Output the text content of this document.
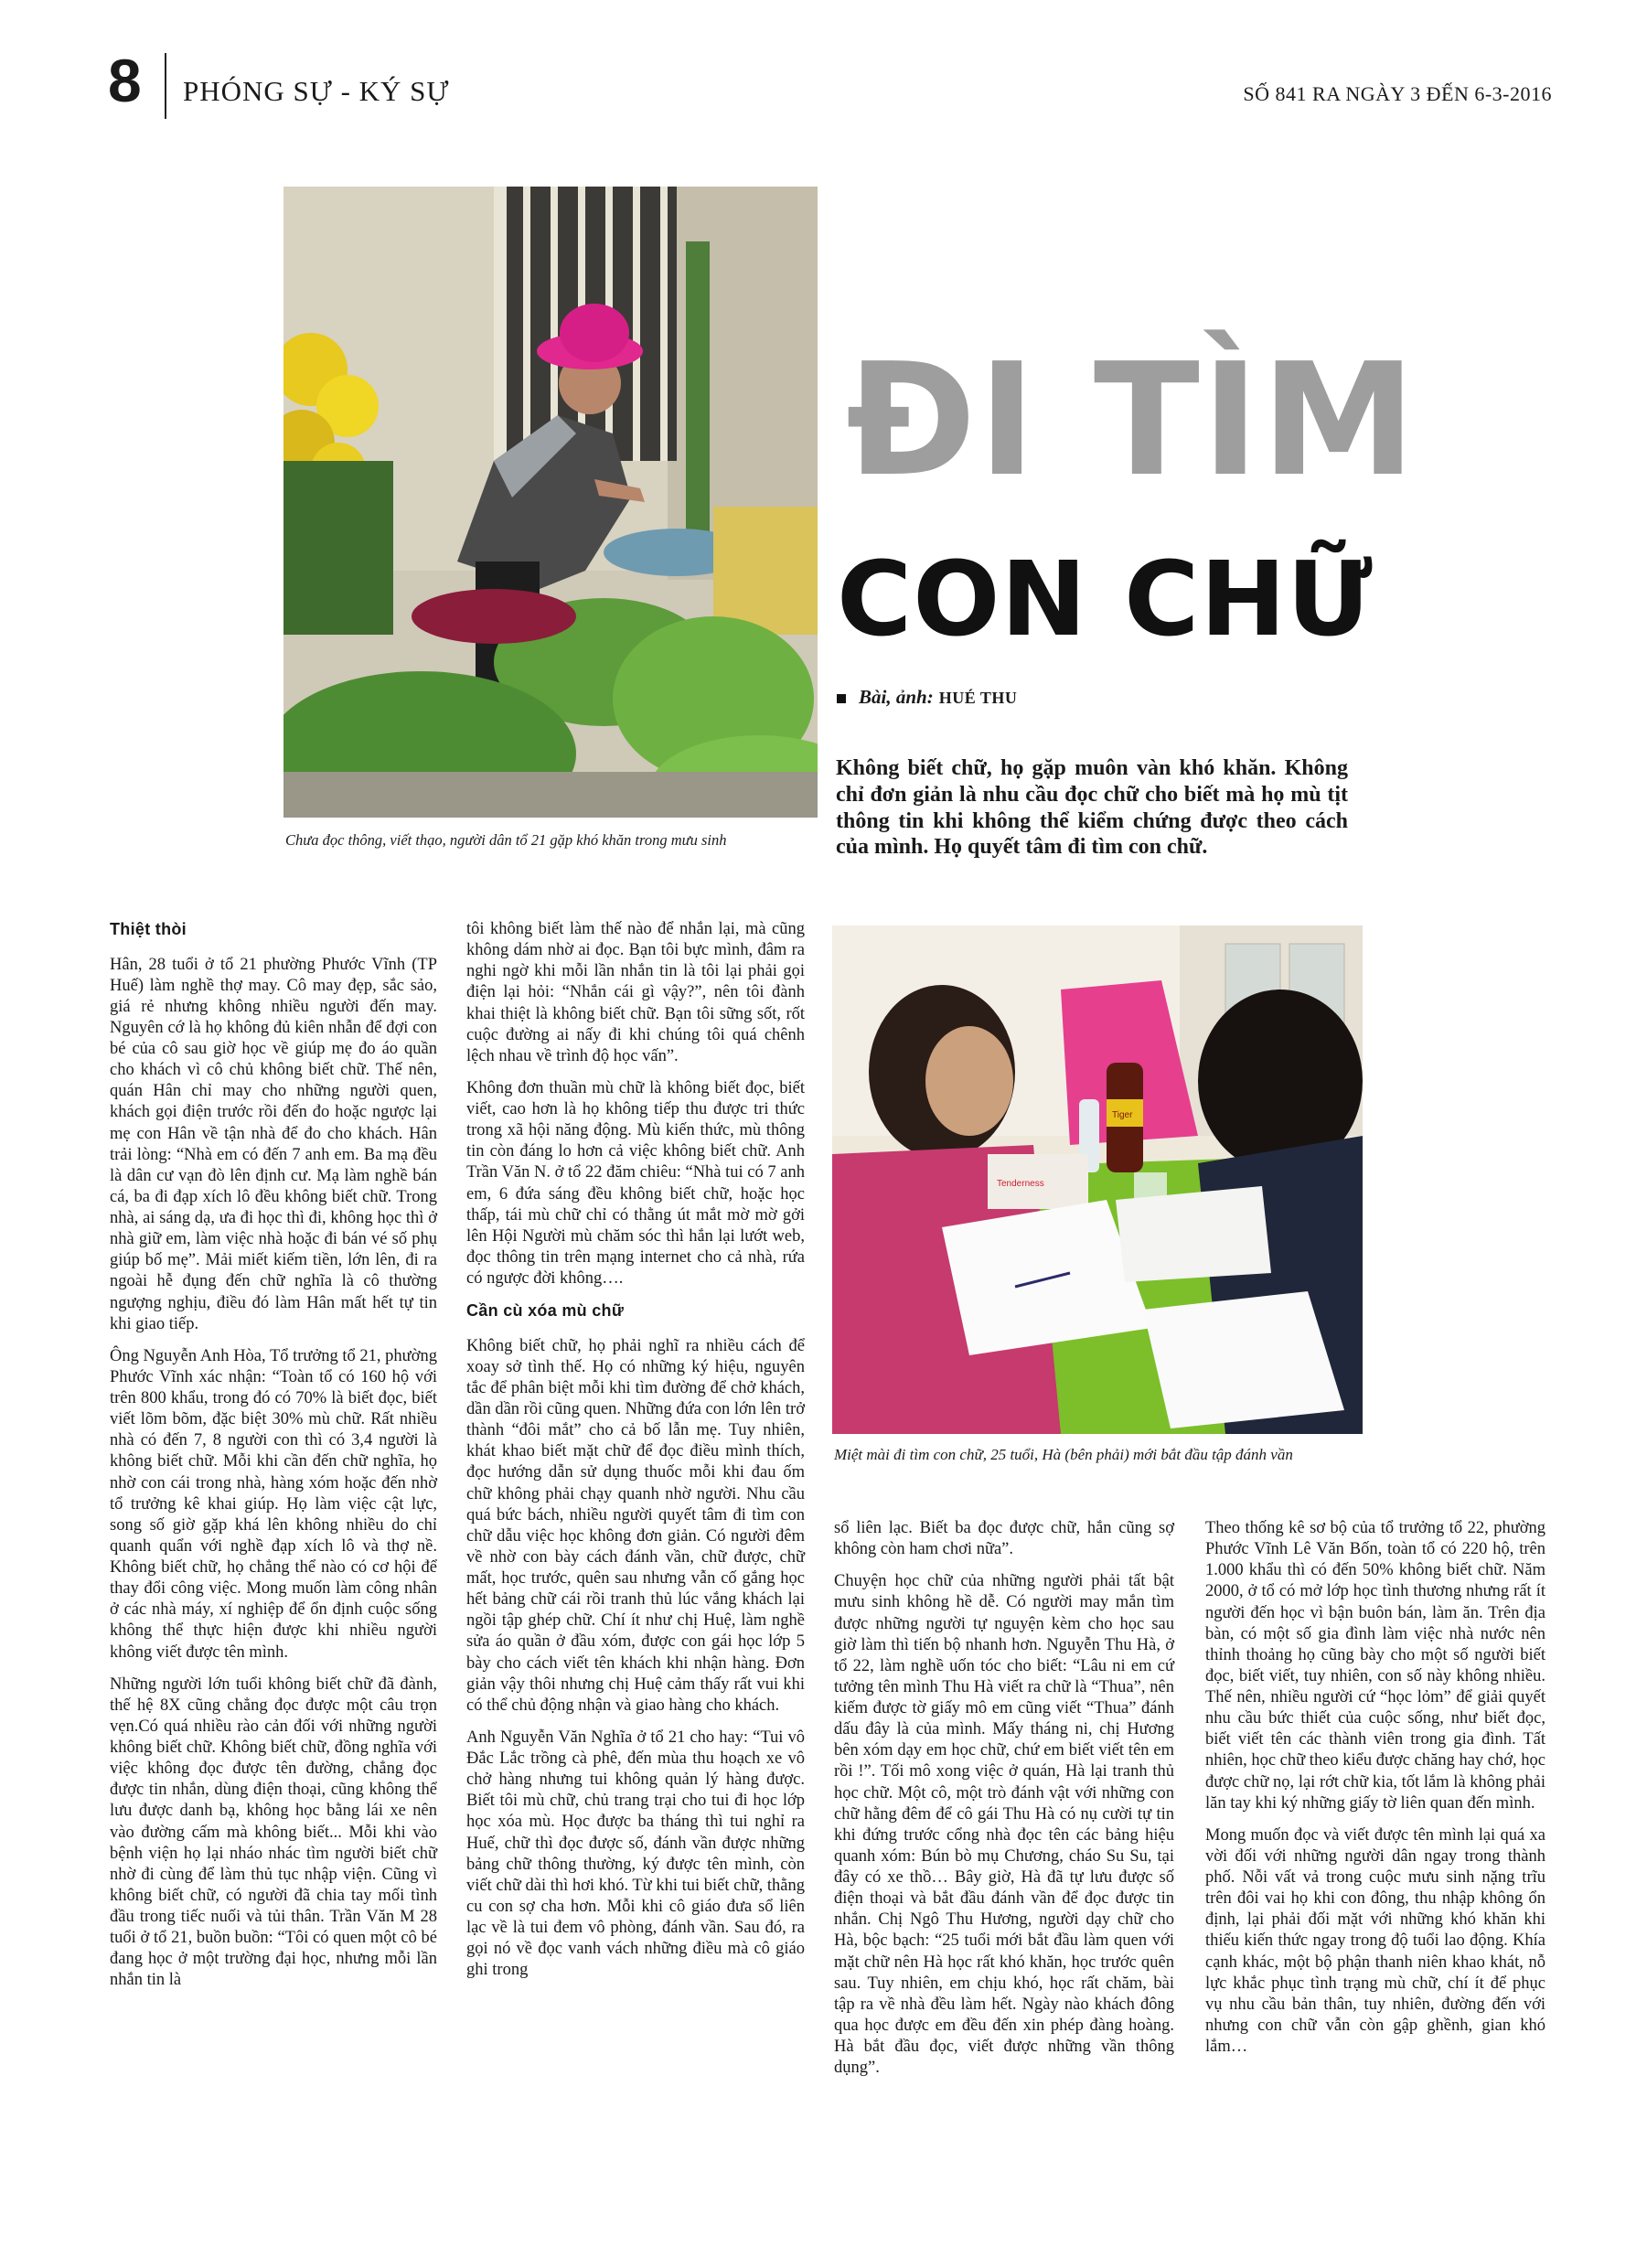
8 PHÓNG SỰ - KÝ SỰ	SỐ 841 RA NGÀY 3 ĐẾN 6-3-2016
Chưa đọc thông, viết thạo, người dân tổ 21 gặp khó khăn trong mưu sinh
ĐI TÌM
CON CHỮ
Bài, ảnh: HUÉ THU
Không biết chữ, họ gặp muôn vàn khó khăn. Không chỉ đơn giản là nhu cầu đọc chữ cho biết mà họ mù tịt thông tin khi không thể kiểm chứng được theo cách của mình. Họ quyết tâm đi tìm con chữ.
Thiệt thòi

Hân, 28 tuổi ở tổ 21 phường Phước Vĩnh (TP Huế) làm nghề thợ may. Cô may đẹp, sắc sảo, giá rẻ nhưng không nhiều người đến may. Nguyên cớ là họ không đủ kiên nhẫn để đợi con bé của cô sau giờ học về giúp mẹ đo áo quần cho khách vì cô chủ không biết chữ. Thế nên, quán Hân chỉ may cho những người quen, khách gọi điện trước rồi đến đo hoặc ngược lại mẹ con Hân về tận nhà để đo cho khách. Hân trải lòng: “Nhà em có đến 7 anh em. Ba mạ đều là dân cư vạn đò lên định cư. Mạ làm nghề bán cá, ba đi đạp xích lô đều không biết chữ. Trong nhà, ai sáng dạ, ưa đi học thì đi, không học thì ở nhà giữ em, làm việc nhà hoặc đi bán vé số phụ giúp bố mẹ”. Mải miết kiếm tiền, lớn lên, đi ra ngoài hễ đụng đến chữ nghĩa là cô thường ngượng nghịu, điều đó làm Hân mất hết tự tin khi giao tiếp.

Ông Nguyễn Anh Hòa, Tổ trưởng tổ 21, phường Phước Vĩnh xác nhận: “Toàn tổ có 160 hộ với trên 800 khẩu, trong đó có 70% là biết đọc, biết viết lõm bõm, đặc biệt 30% mù chữ. Rất nhiều nhà có đến 7, 8 người con thì có 3,4 người là không biết chữ. Mỗi khi cần đến chữ nghĩa, họ nhờ con cái trong nhà, hàng xóm hoặc đến nhờ tổ trưởng kê khai giúp. Họ làm việc cật lực, song số giờ gặp khá lên không nhiều do chỉ quanh quẩn với nghề đạp xích lô và thợ nề. Không biết chữ, họ chẳng thể nào có cơ hội để thay đổi công việc. Mong muốn làm công nhân ở các nhà máy, xí nghiệp để ổn định cuộc sống không thể thực hiện được khi nhiều người không viết được tên mình.

Những người lớn tuổi không biết chữ đã đành, thế hệ 8X cũng chẳng đọc được một câu trọn vẹn.Có quá nhiều rào cản đối với những người không biết chữ. Không biết chữ, đồng nghĩa với việc không đọc được tên đường, chẳng đọc được tin nhắn, dùng điện thoại, cũng không thể lưu được danh bạ, không học bằng lái xe nên vào đường cấm mà không biết... Mỗi khi vào bệnh viện họ lại nháo nhác tìm người biết chữ nhờ đi cùng để làm thủ tục nhập viện. Cũng vì không biết chữ, có người đã chia tay mối tình đầu trong tiếc nuối và tủi thân. Trần Văn M 28 tuổi ở tổ 21, buồn buồn: “Tôi có quen một cô bé đang học ở một trường đại học, nhưng mỗi lần nhắn tin là

tôi không biết làm thế nào để nhắn lại, mà cũng không dám nhờ ai đọc. Bạn tôi bực mình, đâm ra nghi ngờ khi mỗi lần nhắn tin là tôi lại phải gọi điện lại hỏi: “Nhắn cái gì vậy?”, nên tôi đành khai thiệt là không biết chữ. Bạn tôi sững sốt, rốt cuộc đường ai nấy đi khi chúng tôi quá chênh lệch nhau về trình độ học vấn”.

Không đơn thuần mù chữ là không biết đọc, biết viết, cao hơn là họ không tiếp thu được tri thức trong xã hội năng động. Mù kiến thức, mù thông tin còn đáng lo hơn cả việc không biết chữ. Anh Trần Văn N. ở tổ 22 đăm chiêu: “Nhà tui có 7 anh em, 6 đứa sáng đều không biết chữ, hoặc học thấp, tái mù chữ chỉ có thằng út mắt mờ mờ gởi lên Hội Người mù chăm sóc thì hắn lại lướt web, đọc thông tin trên mạng internet cho cả nhà, rứa có ngược đời không….

Cần cù xóa mù chữ

Không biết chữ, họ phải nghĩ ra nhiều cách để xoay sở tình thế. Họ có những ký hiệu, nguyên tắc để phân biệt mỗi khi tìm đường để chở khách, dần dần rồi cũng quen. Những đứa con lớn lên trở thành “đôi mắt” cho cả bố lẫn mẹ. Tuy nhiên, khát khao biết mặt chữ để đọc điều mình thích, đọc hướng dẫn sử dụng thuốc mỗi khi đau ốm chữ không phải chạy quanh nhờ người. Nhu cầu quá bức bách, nhiều người quyết tâm đi tìm con chữ dẫu việc học không đơn giản. Có người đêm về nhờ con bày cách đánh vần, chữ được, chữ mất, học trước, quên sau nhưng vẫn cố gắng học hết bảng chữ cái rồi tranh thủ lúc vắng khách lại ngồi tập ghép chữ. Chí ít như chị Huệ, làm nghề sửa áo quần ở đầu xóm, được con gái học lớp 5 bày cho cách viết tên khách khi nhận hàng. Đơn giản vậy thôi nhưng chị Huệ cảm thấy rất vui khi có thể chủ động nhận và giao hàng cho khách.

Anh Nguyễn Văn Nghĩa ở tổ 21 cho hay: “Tui vô Đắc Lắc trồng cà phê, đến mùa thu hoạch xe vô chở hàng nhưng tui không quản lý hàng được. Biết tôi mù chữ, chủ trang trại cho tui đi học lớp học xóa mù. Học được ba tháng thì tui nghỉ ra Huế, chữ thì đọc được số, đánh vần được những bảng chữ thông thường, ký được tên mình, còn viết chữ dài thì hơi khó. Từ khi tui biết chữ, thằng cu con sợ cha hơn. Mỗi khi cô giáo đưa sổ liên lạc về là tui đem vô phòng, đánh vần. Sau đó, ra gọi nó về đọc vanh vách những điều mà cô giáo ghi trong

Tiger
Tenderness
Miệt mài đi tìm con chữ, 25 tuổi, Hà (bên phải) mới bắt đầu tập đánh vần

sổ liên lạc. Biết ba đọc được chữ, hắn cũng sợ không còn ham chơi nữa”.

Chuyện học chữ của những người phải tất bật mưu sinh không hề dễ. Có người may mắn tìm được những người tự nguyện kèm cho học sau giờ làm thì tiến bộ nhanh hơn. Nguyễn Thu Hà, ở tổ 22, làm nghề uốn tóc cho biết: “Lâu ni em cứ tưởng tên mình Thu Hà viết ra chữ là “Thua”, nên kiếm được tờ giấy mô em cũng viết “Thua” đánh dấu đây là của mình. Mấy tháng ni, chị Hương bên xóm dạy em học chữ, chứ em biết viết tên em rồi !”. Tối mô xong việc ở quán, Hà lại tranh thủ học chữ. Một cô, một trò đánh vật với những con chữ hằng đêm để cô gái Thu Hà có nụ cười tự tin khi đứng trước cổng nhà đọc tên các bảng hiệu quanh xóm: Bún bò mụ Chương, cháo Su Su, tại đây có xe thồ… Bây giờ, Hà đã tự lưu được số điện thoại và bắt đầu đánh vần để đọc được tin nhắn. Chị Ngô Thu Hương, người dạy chữ cho Hà, bộc bạch: “25 tuổi mới bắt đầu làm quen với mặt chữ nên Hà học rất khó khăn, học trước quên sau. Tuy nhiên, em chịu khó, học rất chăm, bài tập ra về nhà đều làm hết. Ngày nào khách đông qua học được em đều đến xin phép đàng hoàng. Hà bắt đầu đọc, viết được những vần thông dụng”.

Theo thống kê sơ bộ của tổ trưởng tổ 22, phường Phước Vĩnh Lê Văn Bốn, toàn tổ có 220 hộ, trên 1.000 khẩu thì có đến 50% không biết chữ. Năm 2000, ở tổ có mở lớp học tình thương nhưng rất ít người đến học vì bận buôn bán, làm ăn. Trên địa bàn, có một số gia đình làm việc nhà nước nên thỉnh thoảng họ cũng bày cho một số người biết đọc, biết viết, tuy nhiên, con số này không nhiều. Thế nên, nhiều người cứ “học lỏm” để giải quyết nhu cầu bức thiết của cuộc sống, như biết đọc, biết viết tên các thành viên trong gia đình. Tất nhiên, học chữ theo kiểu được chăng hay chớ, học được chữ nọ, lại rớt chữ kia, tốt lắm là không phải lăn tay khi ký những giấy tờ liên quan đến mình.

Mong muốn đọc và viết được tên mình lại quá xa vời đối với những người dân ngay trong thành phố. Nỗi vất vả trong cuộc mưu sinh nặng trĩu trên đôi vai họ khi con đông, thu nhập không ổn định, lại phải đối mặt với những khó khăn khi thiếu kiến thức ngay trong độ tuổi lao động. Khía cạnh khác, một bộ phận thanh niên khao khát, nỗ lực khắc phục tình trạng mù chữ, chí ít để phục vụ nhu cầu bản thân, tuy nhiên, đường đến với nhưng con chữ vẫn còn gập ghềnh, gian khó lắm…
